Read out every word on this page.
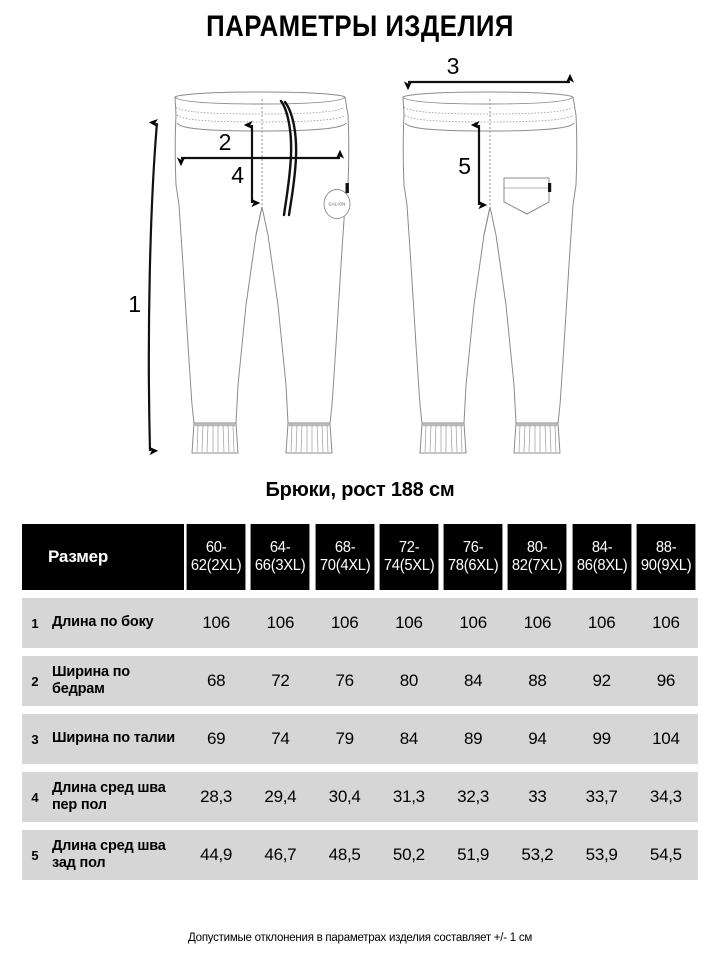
ПАРАМЕТРЫ ИЗДЕЛИЯ
GALION
1
2
4
3
5
Брюки, рост 188 см
	Размер	60-62(2XL)	64-66(3XL)	68-70(4XL)	72-74(5XL)	76-78(6XL)	80-82(7XL)	84-86(8XL)	88-90(9XL)
1	Длина по боку	106	106	106	106	106	106	106	106
2	Ширина по бедрам	68	72	76	80	84	88	92	96
3	Ширина по талии	69	74	79	84	89	94	99	104
4	Длина сред шва пер пол	28,3	29,4	30,4	31,3	32,3	33	33,7	34,3
5	Длина сред шва зад пол	44,9	46,7	48,5	50,2	51,9	53,2	53,9	54,5
Допустимые отклонения в параметрах изделия составляет +/- 1 см
